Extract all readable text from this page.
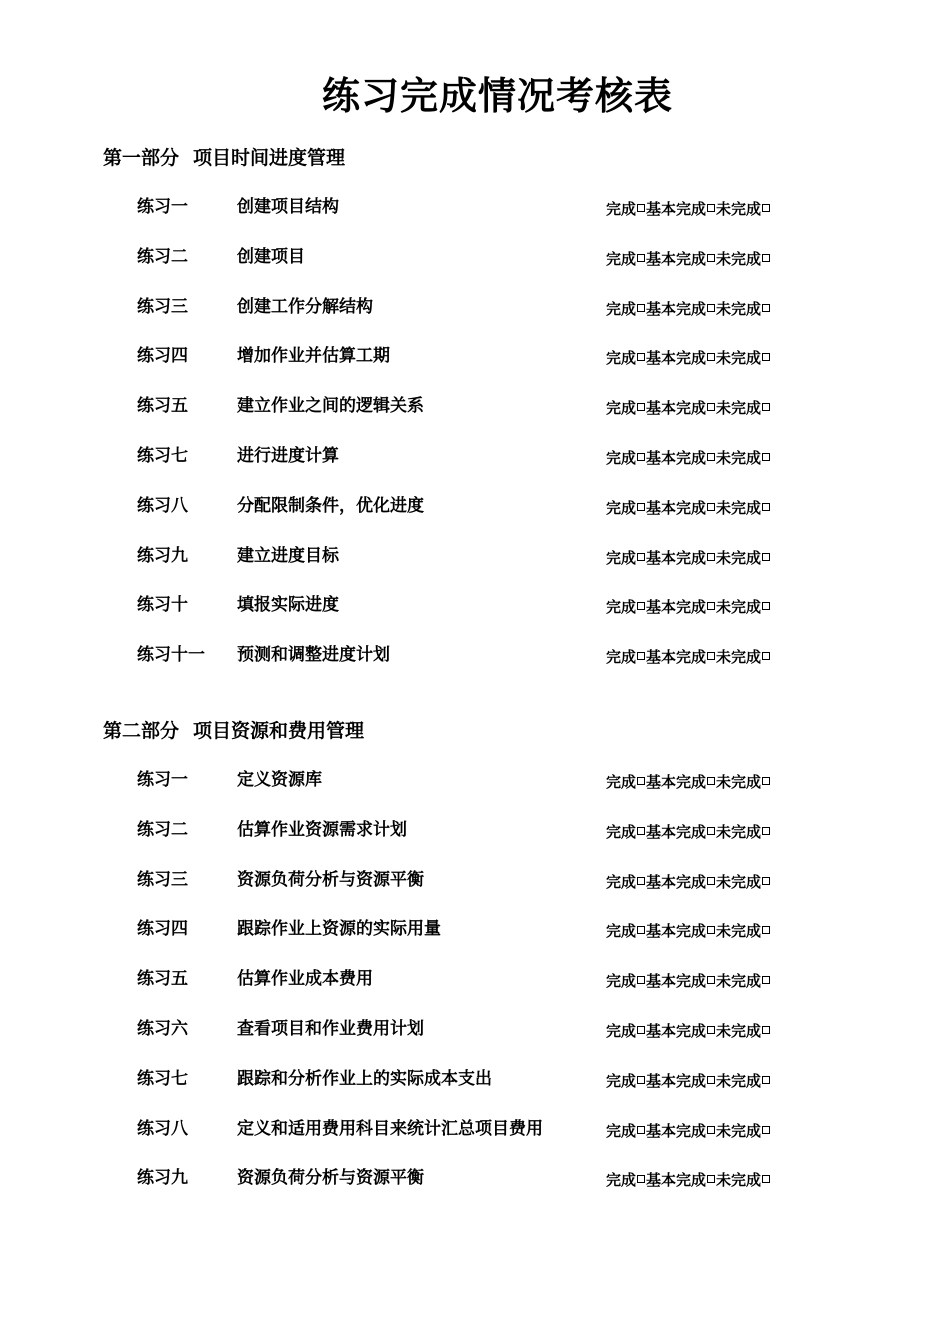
练习完成情况考核表
第一部分 项目时间进度管理
练习一	创建项目结构	完成 基本完成 未完成
练习二	创建项目	完成 基本完成 未完成
练习三	创建工作分解结构	完成 基本完成 未完成
练习四	增加作业并估算工期	完成 基本完成 未完成
练习五	建立作业之间的逻辑关系	完成 基本完成 未完成
练习七	进行进度计算	完成 基本完成 未完成
练习八	分配限制条件，优化进度	完成 基本完成 未完成
练习九	建立进度目标	完成 基本完成 未完成
练习十	填报实际进度	完成 基本完成 未完成
练习十一 预测和调整进度计划	完成 基本完成 未完成
第二部分 项目资源和费用管理
练习一	定义资源库	完成 基本完成 未完成
练习二	估算作业资源需求计划	完成 基本完成 未完成
练习三	资源负荷分析与资源平衡	完成 基本完成 未完成
练习四	跟踪作业上资源的实际用量	完成 基本完成 未完成
练习五	估算作业成本费用	完成 基本完成 未完成
练习六	查看项目和作业费用计划	完成 基本完成 未完成
练习七	跟踪和分析作业上的实际成本支出	完成 基本完成 未完成
练习八	定义和适用费用科目来统计汇总项目费用	完成 基本完成 未完成
练习九	资源负荷分析与资源平衡	完成 基本完成 未完成
